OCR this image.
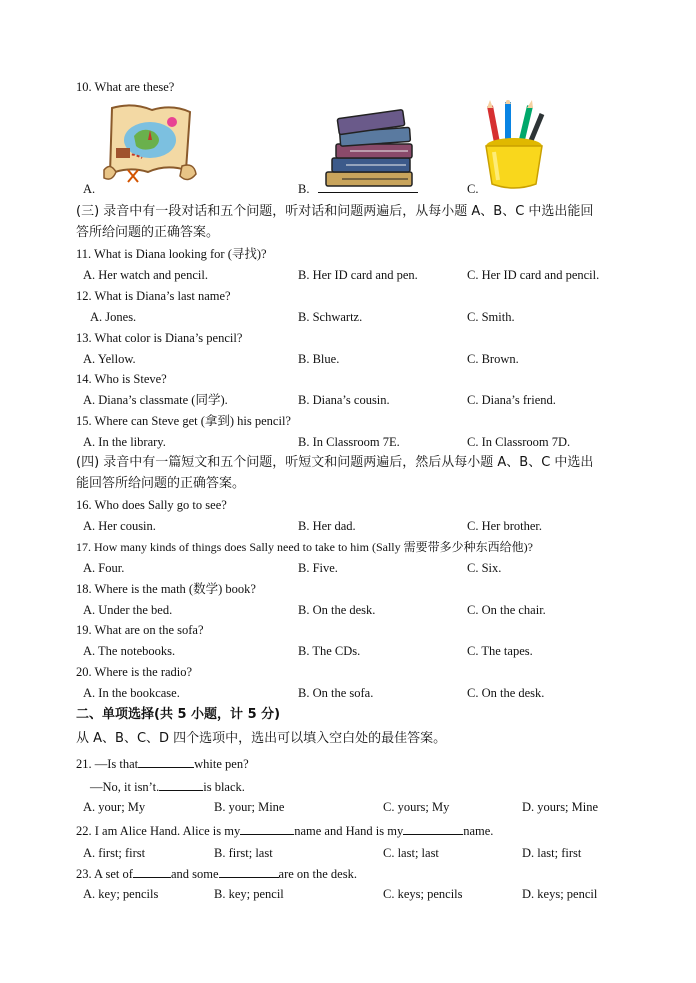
10. What are these?
A.	B.	C.
(三) 录音中有一段对话和五个问题，听对话和问题两遍后，从每小题 A、B、C 中选出能回
答所给问题的正确答案。
11. What is Diana looking for (寻找)?
A. Her watch and pencil.	B. Her ID card and pen.	C. Her ID card and pencil.
12. What is Diana’s last name?
A. Jones.	B. Schwartz.	C. Smith.
13. What color is Diana’s pencil?
A. Yellow.	B. Blue.	C. Brown.
14. Who is Steve?
A. Diana’s classmate (同学).	B. Diana’s cousin.	C. Diana’s friend.
15. Where can Steve get (拿到) his pencil?
A. In the library.	B. In Classroom 7E.	C. In Classroom 7D.
(四) 录音中有一篇短文和五个问题，听短文和问题两遍后，然后从每小题 A、B、C 中选出
能回答所给问题的正确答案。
16. Who does Sally go to see?
A. Her cousin.	B. Her dad.	C. Her brother.
17. How many kinds of things does Sally need to take to him (Sally 需要带多少种东西给他)?
A. Four.	B. Five.	C. Six.
18. Where is the math (数学) book?
A. Under the bed.	B. On the desk.	C. On the chair.
19. What are on the sofa?
A. The notebooks.	B. The CDs.	C. The tapes.
20. Where is the radio?
A. In the bookcase.	B. On the sofa.	C. On the desk.
二、单项选择(共 5 小题，计 5 分)
从 A、B、C、D 四个选项中，选出可以填入空白处的最佳答案。
21. —Is that	white pen?
—No, it isn’t.	is black.
A. your; My	B. your; Mine	C. yours; My	D. yours; Mine
22. I am Alice Hand. Alice is my	name and Hand is my	name.
A. first; first	B. first; last	C. last; last	D. last; first
23. A set of	and some	are on the desk.
A. key; pencils	B. key; pencil	C. keys; pencils	D. keys; pencil
